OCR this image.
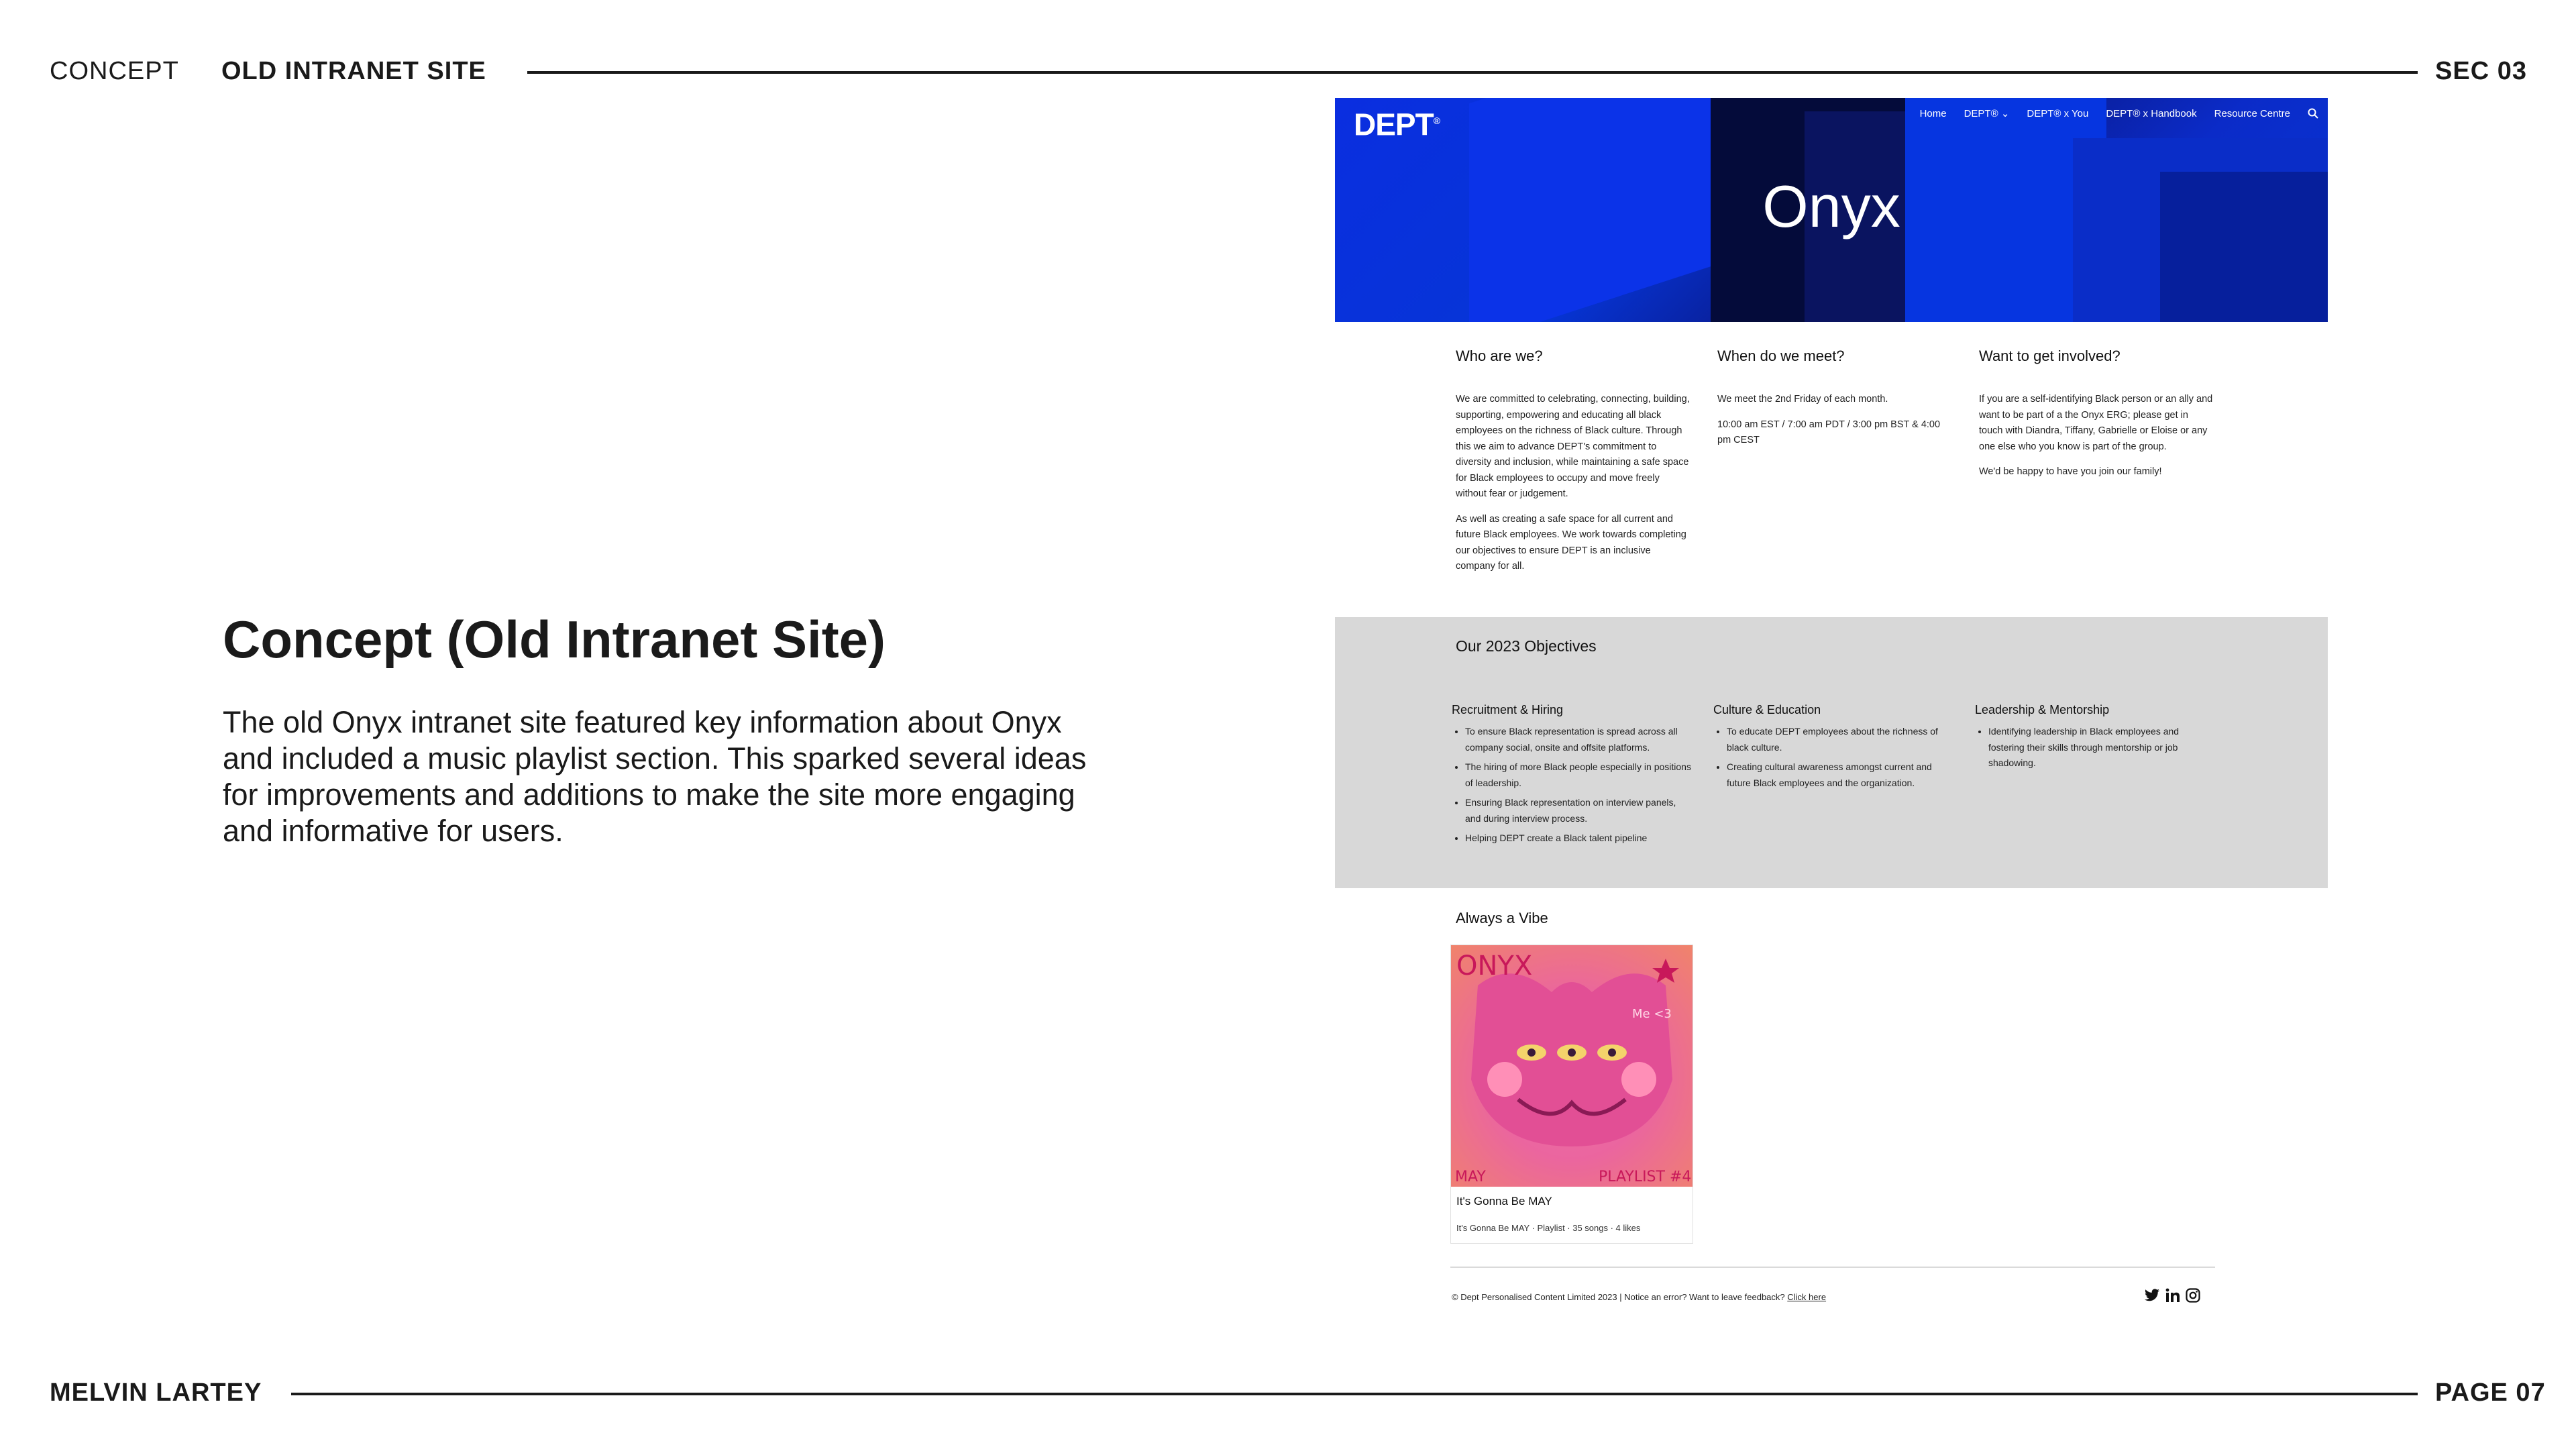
CONCEPT OLD INTRANET SITE	SEC 03
Concept (Old Intranet Site)

The old Onyx intranet site featured key information about Onyx and included a music playlist section. This sparked several ideas for improvements and additions to make the site more engaging and informative for users.

DEPT®
Home DEPT® ⌄ DEPT® x You DEPT® x Handbook Resource Centre
Onyx
Who are we?

We are committed to celebrating, connecting, building, supporting, empowering and educating all black employees on the richness of Black culture. Through this we aim to advance DEPT's commitment to diversity and inclusion, while maintaining a safe space for Black employees to occupy and move freely without fear or judgement.

As well as creating a safe space for all current and future Black employees. We work towards completing our objectives to ensure DEPT is an inclusive company for all.

When do we meet?

We meet the 2nd Friday of each month.

10:00 am EST / 7:00 am PDT / 3:00 pm BST & 4:00 pm CEST

Want to get involved?

If you are a self-identifying Black person or an ally and want to be part of a the Onyx ERG; please get in touch with Diandra, Tiffany, Gabrielle or Eloise or any one else who you know is part of the group.

We'd be happy to have you join our family!

Our 2023 Objectives
Recruitment & Hiring
• To ensure Black representation is spread across all company social, onsite and offsite platforms.
• The hiring of more Black people especially in positions of leadership.
• Ensuring Black representation on interview panels, and during interview process.
• Helping DEPT create a Black talent pipeline
Culture & Education
• To educate DEPT employees about the richness of black culture.
• Creating cultural awareness amongst current and future Black employees and the organization.
Leadership & Mentorship
• Identifying leadership in Black employees and fostering their skills through mentorship or job shadowing.
Always a Vibe
ONYX
MAY	PLAYLIST #4
Me <3
It's Gonna Be MAY
It's Gonna Be MAY · Playlist · 35 songs · 4 likes
© Dept Personalised Content Limited 2023 | Notice an error? Want to leave feedback? Click here
MELVIN LARTEY	PAGE 07
